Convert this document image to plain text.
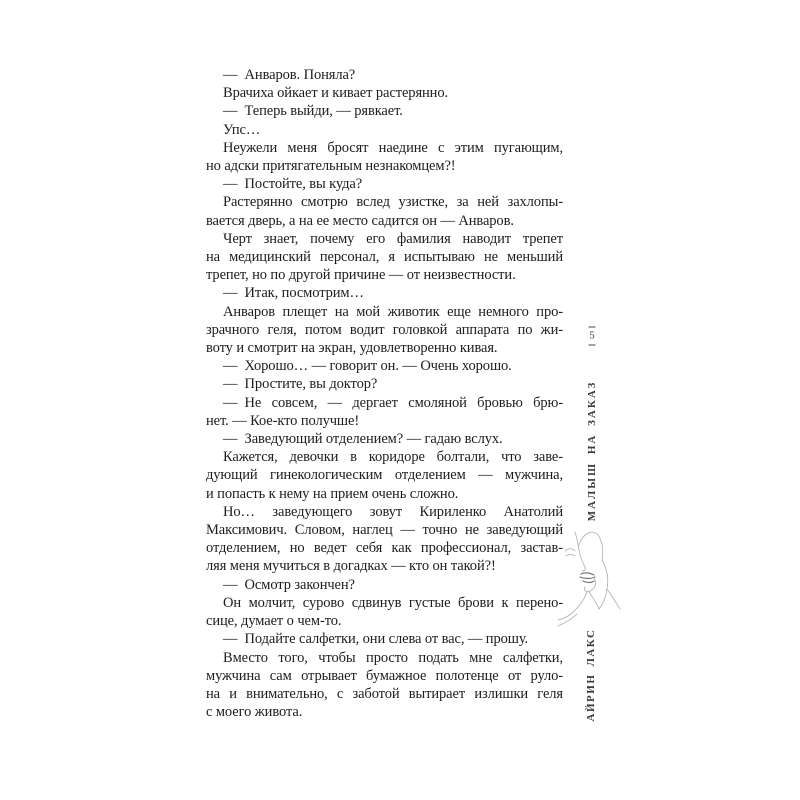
— Анваров. Поняла?
Врачиха ойкает и кивает растерянно.
— Теперь выйди, — рявкает.
Упс…
Неужели меня бросят наедине с этим пугающим,
но адски притягательным незнакомцем?!
— Постойте, вы куда?
Растерянно смотрю вслед узистке, за ней захлопы-
вается дверь, а на ее место садится он — Анваров.
Черт знает, почему его фамилия наводит трепет
на медицинский персонал, я испытываю не меньший
трепет, но по другой причине — от неизвестности.
— Итак, посмотрим…
Анваров плещет на мой животик еще немного про-
зрачного геля, потом водит головкой аппарата по жи-
воту и смотрит на экран, удовлетворенно кивая.
— Хорошо… — говорит он. — Очень хорошо.
— Простите, вы доктор?
— Не совсем, — дергает смоляной бровью брю-
нет. — Кое-кто получше!
— Заведующий отделением? — гадаю вслух.
Кажется, девочки в коридоре болтали, что заве-
дующий гинекологическим отделением — мужчина,
и попасть к нему на прием очень сложно.
Но… заведующего зовут Кириленко Анатолий
Максимович. Словом, наглец — точно не заведующий
отделением, но ведет себя как профессионал, застав-
ляя меня мучиться в догадках — кто он такой?!
— Осмотр закончен?
Он молчит, сурово сдвинув густые брови к перено-
сице, думает о чем-то.
— Подайте салфетки, они слева от вас, — прошу.
Вместо того, чтобы просто подать мне салфетки,
мужчина сам отрывает бумажное полотенце от руло-
на и внимательно, с заботой вытирает излишки геля
с моего живота.
5
МАЛЫШ НА ЗАКАЗ
АЙРИН ЛАКС
